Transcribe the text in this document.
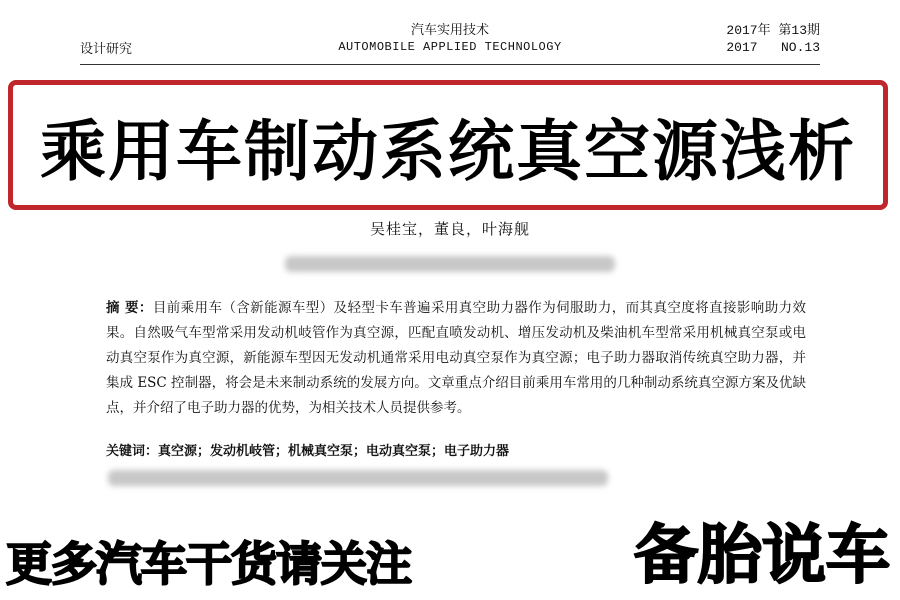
设计研究
汽车实用技术
AUTOMOBILE APPLIED TECHNOLOGY
2017年 第13期
2017   NO.13
乘用车制动系统真空源浅析
吴桂宝，董良，叶海舰
摘 要：目前乘用车（含新能源车型）及轻型卡车普遍采用真空助力器作为伺服助力，而其真空度将直接影响助力效果。自然吸气车型常采用发动机岐管作为真空源，匹配直喷发动机、增压发动机及柴油机车型常采用机械真空泵或电动真空泵作为真空源，新能源车型因无发动机通常采用电动真空泵作为真空源；电子助力器取消传统真空助力器，并集成 ESC 控制器，将会是未来制动系统的发展方向。文章重点介绍目前乘用车常用的几种制动系统真空源方案及优缺点，并介绍了电子助力器的优势，为相关技术人员提供参考。
关键词：真空源；发动机岐管；机械真空泵；电动真空泵；电子助力器
更多汽车干货请关注	备胎说车
